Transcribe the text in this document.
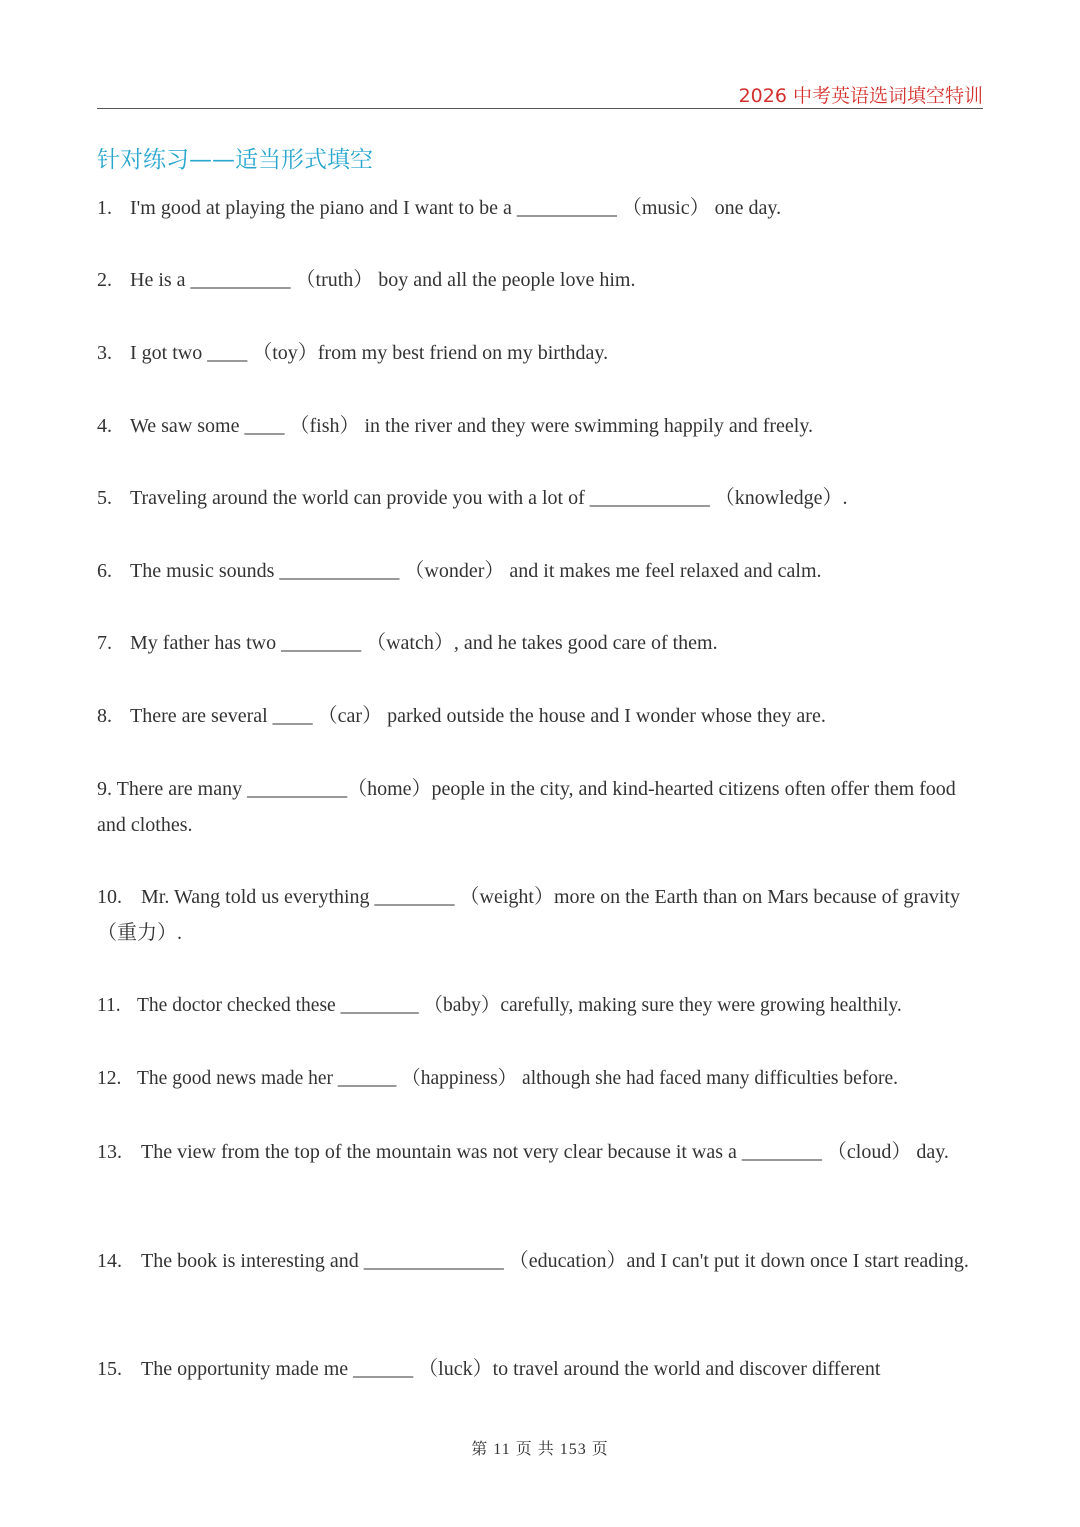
2026 中考英语选词填空特训
针对练习——适当形式填空

1. I'm good at playing the piano and I want to be a __________ （music） one day.

2. He is a __________ （truth） boy and all the people love him.

3. I got two ____ （toy）from my best friend on my birthday.

4. We saw some ____ （fish） in the river and they were swimming happily and freely.

5. Traveling around the world can provide you with a lot of ____________ （knowledge）.

6. The music sounds ____________ （wonder） and it makes me feel relaxed and calm.

7. My father has two ________ （watch）, and he takes good care of them.

8. There are several ____ （car） parked outside the house and I wonder whose they are.

9. There are many __________（home）people in the city, and kind-hearted citizens often offer them food and clothes.

10. Mr. Wang told us everything ________ （weight）more on the Earth than on Mars because of gravity（重力）.

11. The doctor checked these ________ （baby）carefully, making sure they were growing healthily.

12. The good news made her ______ （happiness） although she had faced many difficulties before.

13. The view from the top of the mountain was not very clear because it was a ________ （cloud） day.

14. The book is interesting and ______________ （education）and I can't put it down once I start reading.

15. The opportunity made me ______ （luck）to travel around the world and discover different

第 11 页 共 153 页
